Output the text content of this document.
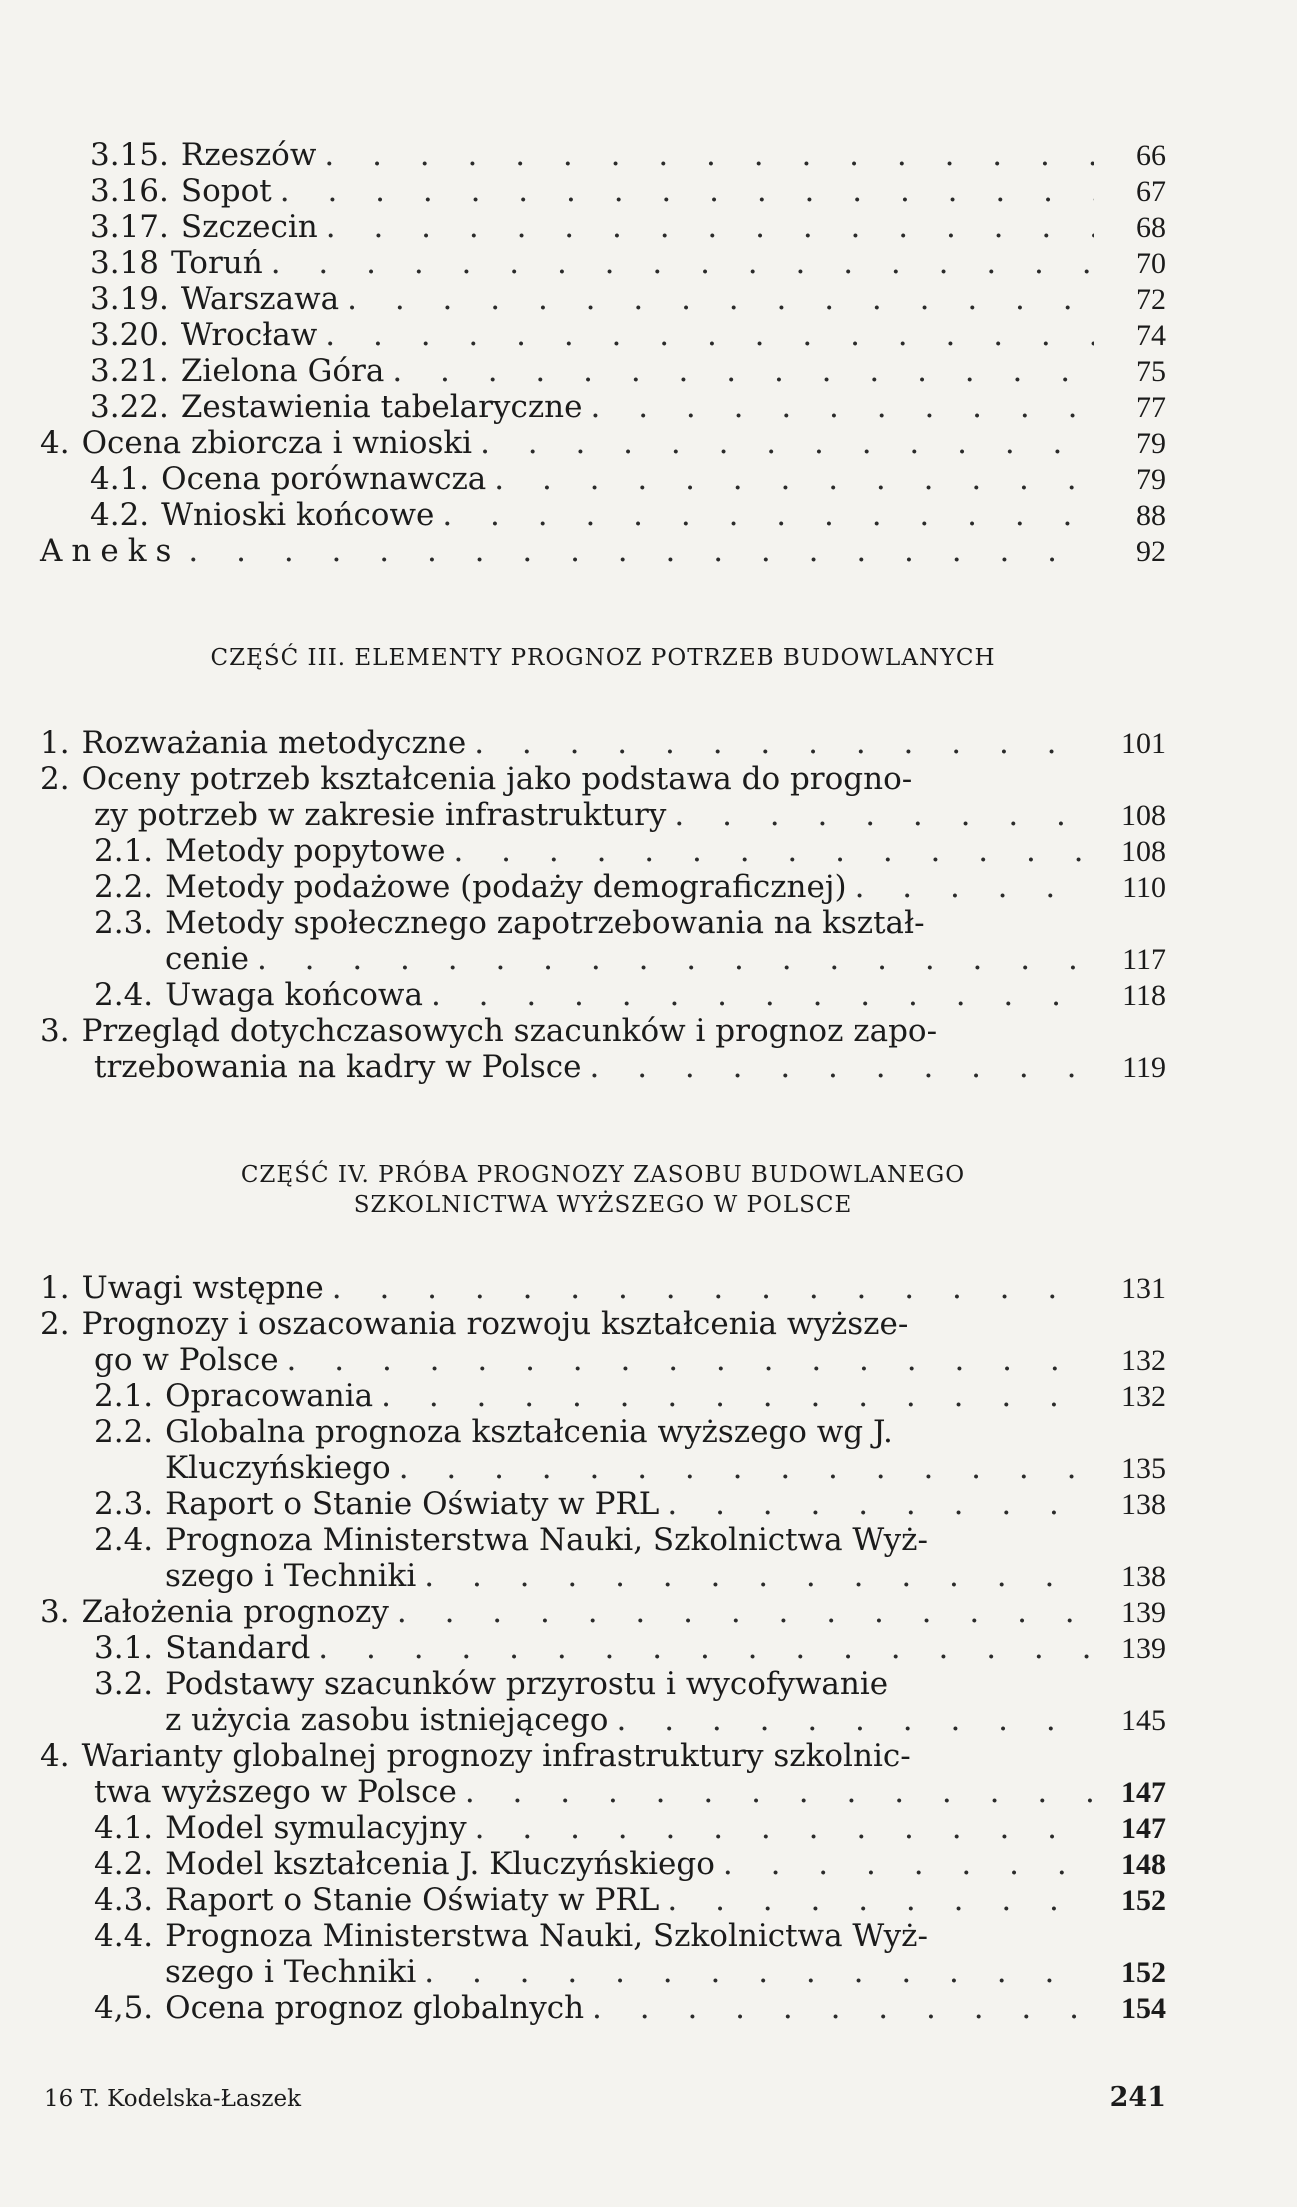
3.15. Rzeszów . . .	66
3.16. Sopot . . .	67
3.17. Szczecin . . .	68
3.18 Toruń . . .	70
3.19. Warszawa . . .	72
3.20. Wrocław . . .	74
3.21. Zielona Góra . . .	75
3.22. Zestawienia tabelaryczne . . .	77
4. Ocena zbiorcza i wnioski . . .	79
4.1. Ocena porównawcza . . .	79
4.2. Wnioski końcowe . . .	88
Aneks . . .	92
CZĘŚĆ III. ELEMENTY PROGNOZ POTRZEB BUDOWLANYCH
1. Rozważania metodyczne . . .	101
2. Oceny potrzeb kształcenia jako podstawa do progno-
zy potrzeb w zakresie infrastruktury . . .	108
2.1. Metody popytowe . . .	108
2.2. Metody podażowe (podaży demograficznej) . . .	110
2.3. Metody społecznego zapotrzebowania na kształ-
cenie . . .	117
2.4. Uwaga końcowa . . .	118
3. Przegląd dotychczasowych szacunków i prognoz zapo-
trzebowania na kadry w Polsce . . .	119
CZĘŚĆ IV. PRÓBA PROGNOZY ZASOBU BUDOWLANEGO
SZKOLNICTWA WYŻSZEGO W POLSCE
1. Uwagi wstępne . . .	131
2. Prognozy i oszacowania rozwoju kształcenia wyższe-
go w Polsce . . .	132
2.1. Opracowania . . .	132
2.2. Globalna prognoza kształcenia wyższego wg J.
Kluczyńskiego . . .	135
2.3. Raport o Stanie Oświaty w PRL . . .	138
2.4. Prognoza Ministerstwa Nauki, Szkolnictwa Wyż-
szego i Techniki . . .	138
3. Założenia prognozy . . .	139
3.1. Standard . . .	139
3.2. Podstawy szacunków przyrostu i wycofywanie
z użycia zasobu istniejącego . . .	145
4. Warianty globalnej prognozy infrastruktury szkolnic-
twa wyższego w Polsce . . .	147
4.1. Model symulacyjny . . .	147
4.2. Model kształcenia J. Kluczyńskiego . . .	148
4.3. Raport o Stanie Oświaty w PRL . . .	152
4.4. Prognoza Ministerstwa Nauki, Szkolnictwa Wyż-
szego i Techniki . . .	152
4,5. Ocena prognoz globalnych . . .	154
16 T. Kodelska-Łaszek	241
